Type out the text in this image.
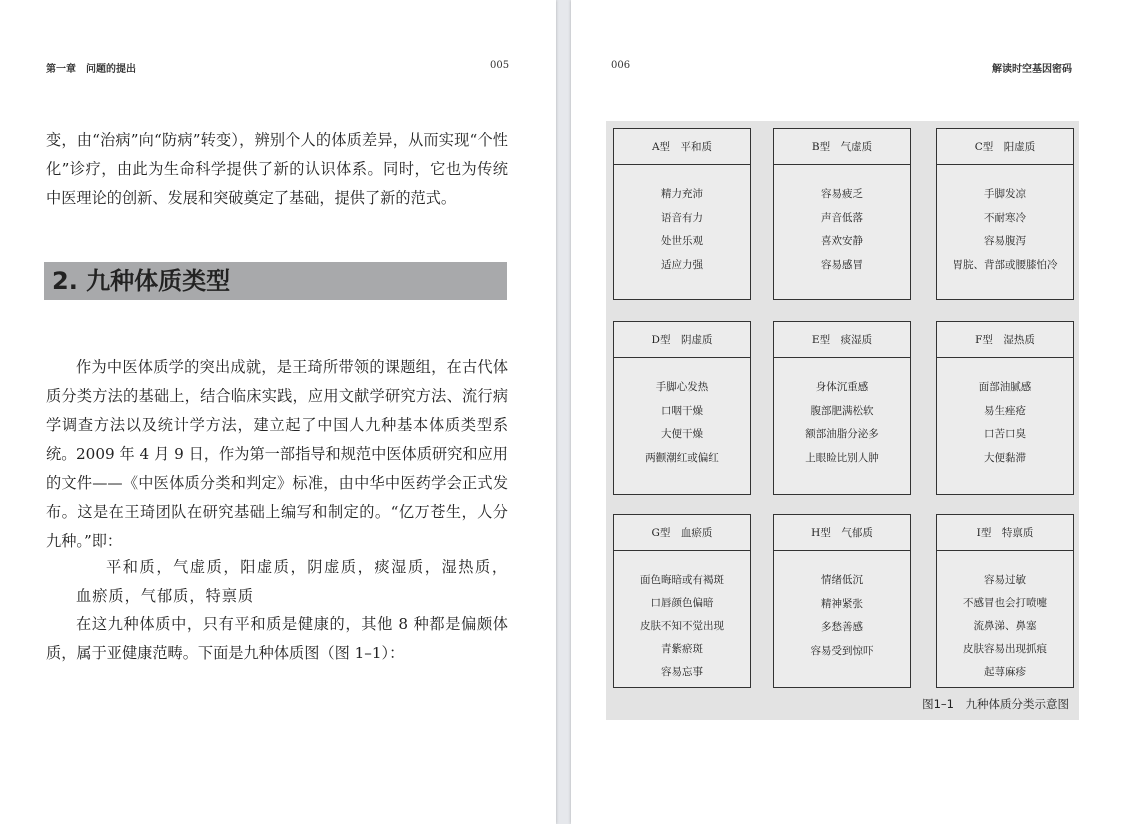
第一章　问题的提出	005

变，由“治病”向“防病”转变），辨别个人的体质差异，从而实现“个性化”诊疗，由此为生命科学提供了新的认识体系。同时，它也为传统中医理论的创新、发展和突破奠定了基础，提供了新的范式。

2. 九种体质类型

作为中医体质学的突出成就，是王琦所带领的课题组，在古代体质分类方法的基础上，结合临床实践，应用文献学研究方法、流行病学调查方法以及统计学方法，建立起了中国人九种基本体质类型系统。 2009 年 4 月 9 日，作为第一部指导和规范中医体质研究和应用的文件——《中医体质分类和判定》标准，由中华中医药学会正式发布。这是在王琦团队在研究基础上编写和制定的。“亿万苍生，人分九种。”即：

平和质，气虚质，阳虚质，阴虚质，痰湿质，湿热质，血瘀质，气郁质，特禀质

在这九种体质中，只有平和质是健康的，其他 8 种都是偏颇体质，属于亚健康范畴。下面是九种体质图（图 1–1）：

006	解读时空基因密码
A型　平和质
精力充沛
语音有力
处世乐观
适应力强
B型　气虚质
容易疲乏
声音低落
喜欢安静
容易感冒
C型　阳虚质
手脚发凉
不耐寒冷
容易腹泻
胃脘、背部或腰膝怕冷
D型　阴虚质
手脚心发热
口咽干燥
大便干燥
两颧潮红或偏红
E型　痰湿质
身体沉重感
腹部肥满松软
额部油脂分泌多
上眼睑比别人肿
F型　湿热质
面部油腻感
易生痤疮
口苦口臭
大便黏滞
G型　血瘀质
面色晦暗或有褐斑
口唇颜色偏暗
皮肤不知不觉出现
青紫瘀斑
容易忘事
H型　气郁质
情绪低沉
精神紧张
多愁善感
容易受到惊吓
I型　特禀质
容易过敏
不感冒也会打喷嚏
流鼻涕、鼻塞
皮肤容易出现抓痕
起荨麻疹
图1–1　九种体质分类示意图
